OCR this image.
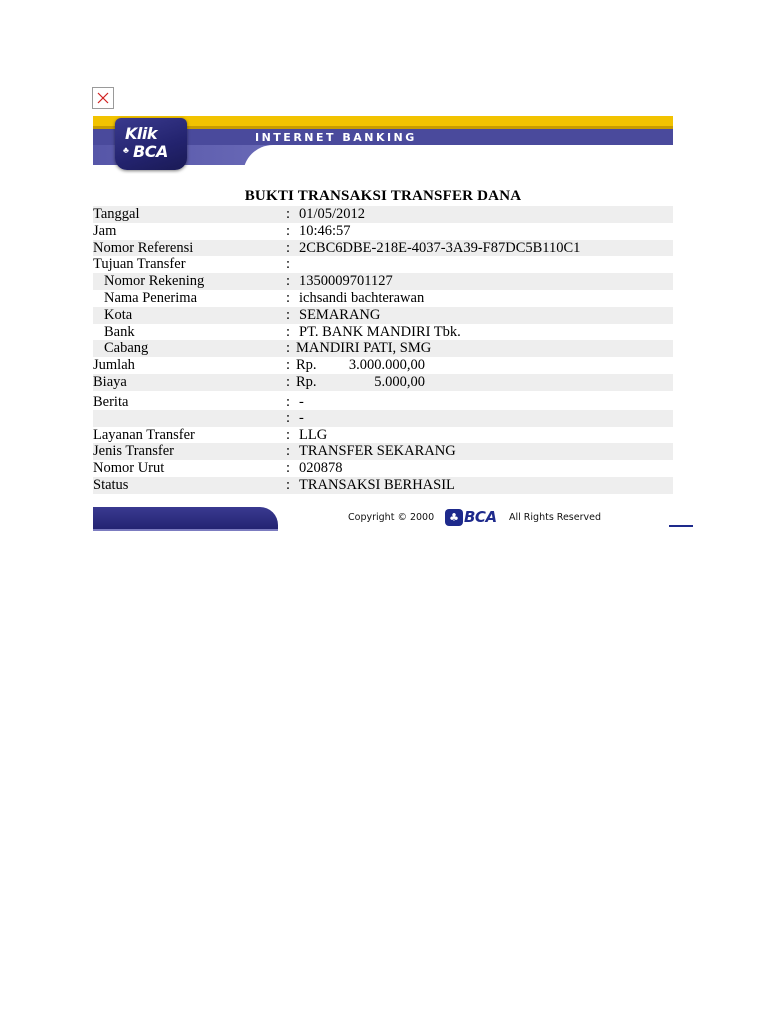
Klik
♣ BCA
INTERNET BANKING
BUKTI TRANSAKSI TRANSFER DANA
Tanggal	: 01/05/2012
Jam	: 10:46:57
Nomor Referensi	: 2CBC6DBE-218E-4037-3A39-F87DC5B110C1
Tujuan Transfer	:
Nomor Rekening	: 1350009701127
Nama Penerima	: ichsandi bachterawan
Kota	: SEMARANG
Bank	: PT. BANK MANDIRI Tbk.
Cabang	: MANDIRI PATI, SMG
Jumlah	: Rp.	3.000.000,00
Biaya	: Rp.	5.000,00
Berita	: -
: -
Layanan Transfer	: LLG
Jenis Transfer	: TRANSFER SEKARANG
Nomor Urut	: 020878
Status	: TRANSAKSI BERHASIL
Copyright © 2000	♣ BCA All Rights Reserved
